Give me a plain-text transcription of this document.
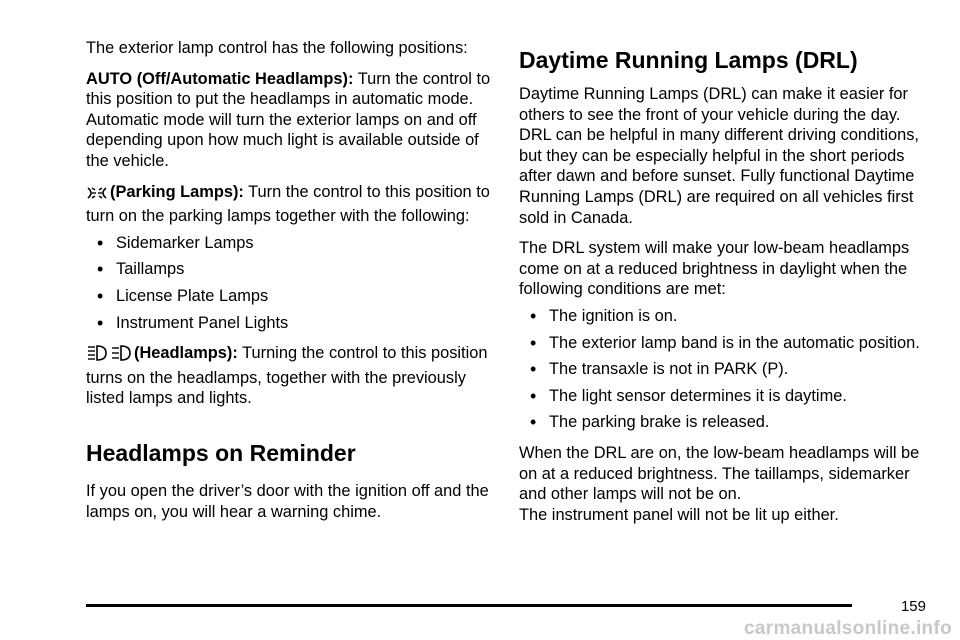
The exterior lamp control has the following positions:

AUTO (Off/Automatic Headlamps): Turn the control to this position to put the headlamps in automatic mode. Automatic mode will turn the exterior lamps on and off depending upon how much light is available outside of the vehicle.

(Parking Lamps): Turn the control to this position to turn on the parking lamps together with the following:

• Sidemarker Lamps
• Taillamps
• License Plate Lamps
• Instrument Panel Lights

(Headlamps): Turning the control to this position turns on the headlamps, together with the previously listed lamps and lights.

Headlamps on Reminder

If you open the driver’s door with the ignition off and the lamps on, you will hear a warning chime.

Daytime Running Lamps (DRL)

Daytime Running Lamps (DRL) can make it easier for others to see the front of your vehicle during the day. DRL can be helpful in many different driving conditions, but they can be especially helpful in the short periods after dawn and before sunset. Fully functional Daytime Running Lamps (DRL) are required on all vehicles first sold in Canada.

The DRL system will make your low-beam headlamps come on at a reduced brightness in daylight when the following conditions are met:

• The ignition is on.
• The exterior lamp band is in the automatic position.
• The transaxle is not in PARK (P).
• The light sensor determines it is daytime.
• The parking brake is released.

When the DRL are on, the low-beam headlamps will be on at a reduced brightness. The taillamps, sidemarker and other lamps will not be on.

The instrument panel will not be lit up either.

159
carmanualsonline.info
